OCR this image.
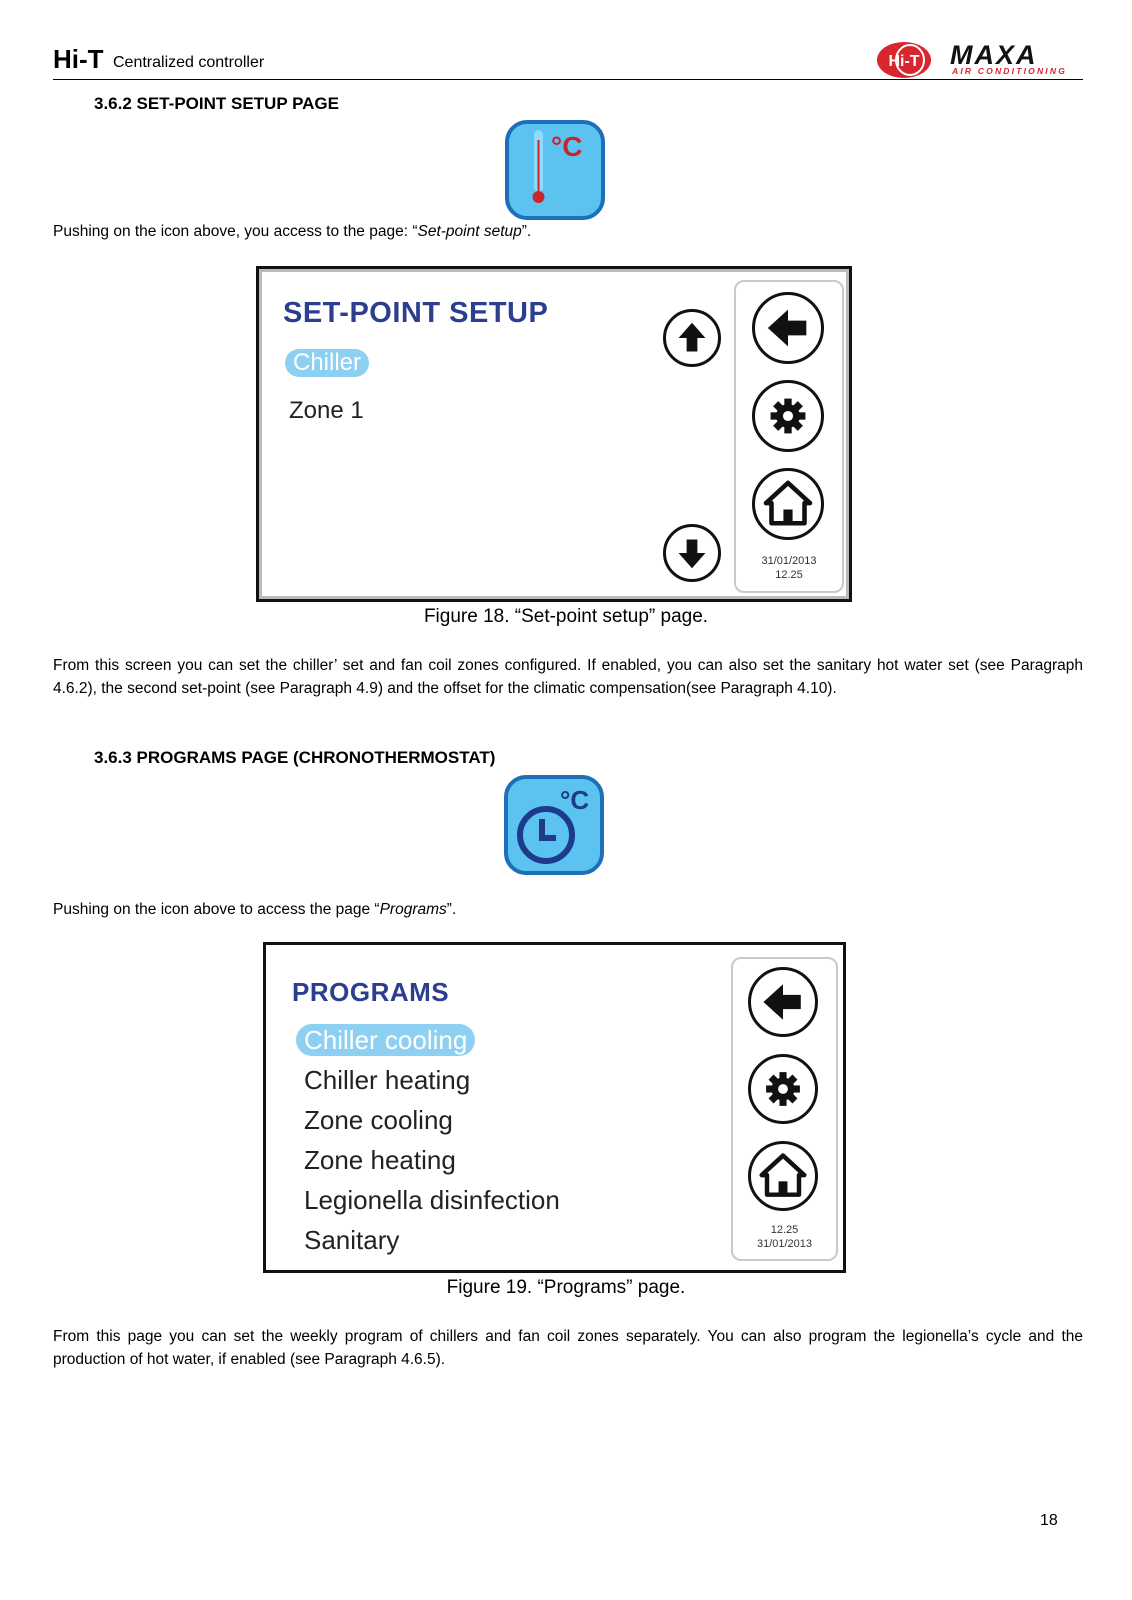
Hi-T Centralized controller	Hi-T MAXA
AIR CONDITIONING
3.6.2 SET-POINT SETUP PAGE
°C
Pushing on the icon above, you access to the page: “Set-point setup”.
SET-POINT SETUP
Chiller
Zone 1
31/01/2013
12.25
Figure 18. “Set-point setup” page.
From this screen you can set the chiller’ set and fan coil zones configured. If enabled, you can also set the sanitary hot water set (see Paragraph 4.6.2), the second set-point (see Paragraph 4.9) and the offset for the climatic compensation(see Paragraph 4.10).
3.6.3 PROGRAMS PAGE (CHRONOTHERMOSTAT)
°C
Pushing on the icon above to access the page “Programs”.
PROGRAMS
Chiller cooling
Chiller heating
Zone cooling
Zone heating
Legionella disinfection
Sanitary	12.25
31/01/2013
Figure 19. “Programs” page.
From this page you can set the weekly program of chillers and fan coil zones separately. You can also program the legionella’s cycle and the production of hot water, if enabled (see Paragraph 4.6.5).
18
